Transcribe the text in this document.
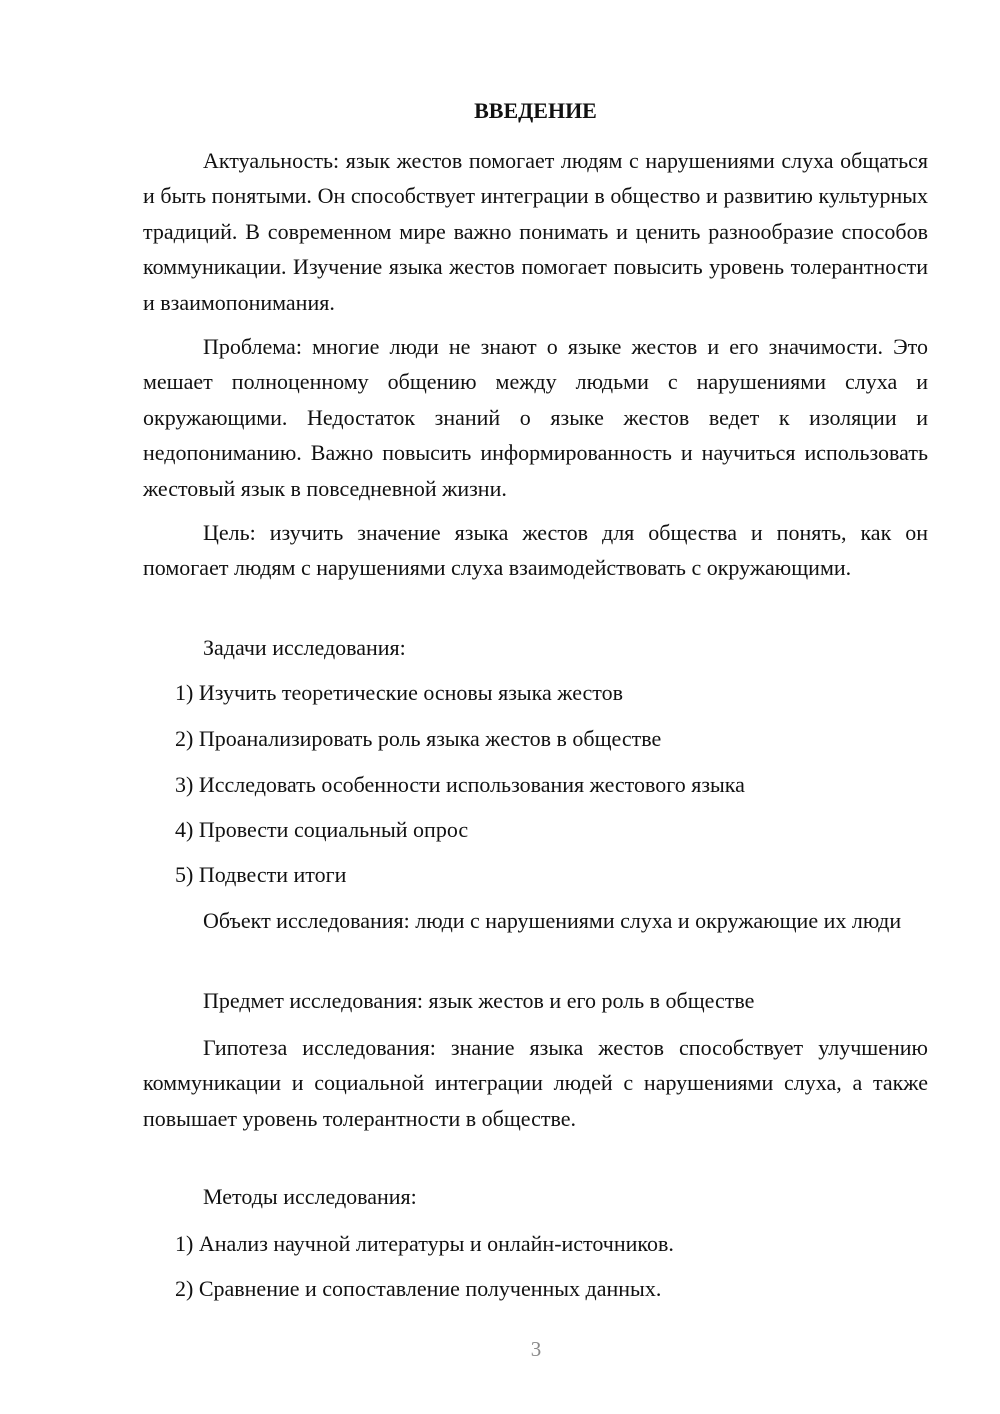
ВВЕДЕНИЕ

Актуальность: язык жестов помогает людям с нарушениями слуха общаться и быть понятыми. Он способствует интеграции в общество и развитию культурных традиций. В современном мире важно понимать и ценить разнообразие способов коммуникации. Изучение языка жестов помогает повысить уровень толерантности и взаимопонимания.

Проблема: многие люди не знают о языке жестов и его значимости. Это мешает полноценному общению между людьми с нарушениями слуха и окружающими. Недостаток знаний о языке жестов ведет к изоляции и недопониманию. Важно повысить информированность и научиться использовать жестовый язык в повседневной жизни.

Цель: изучить значение языка жестов для общества и понять, как он помогает людям с нарушениями слуха взаимодействовать с окружающими.

Задачи исследования:

1) Изучить теоретические основы языка жестов

2) Проанализировать роль языка жестов в обществе

3) Исследовать особенности использования жестового языка

4) Провести социальный опрос

5) Подвести итоги

Объект исследования: люди с нарушениями слуха и окружающие их люди

Предмет исследования: язык жестов и его роль в обществе

Гипотеза исследования: знание языка жестов способствует улучшению коммуникации и социальной интеграции людей с нарушениями слуха, а также повышает уровень толерантности в обществе.

Методы исследования:

1) Анализ научной литературы и онлайн-источников.

2) Сравнение и сопоставление полученных данных.

3
